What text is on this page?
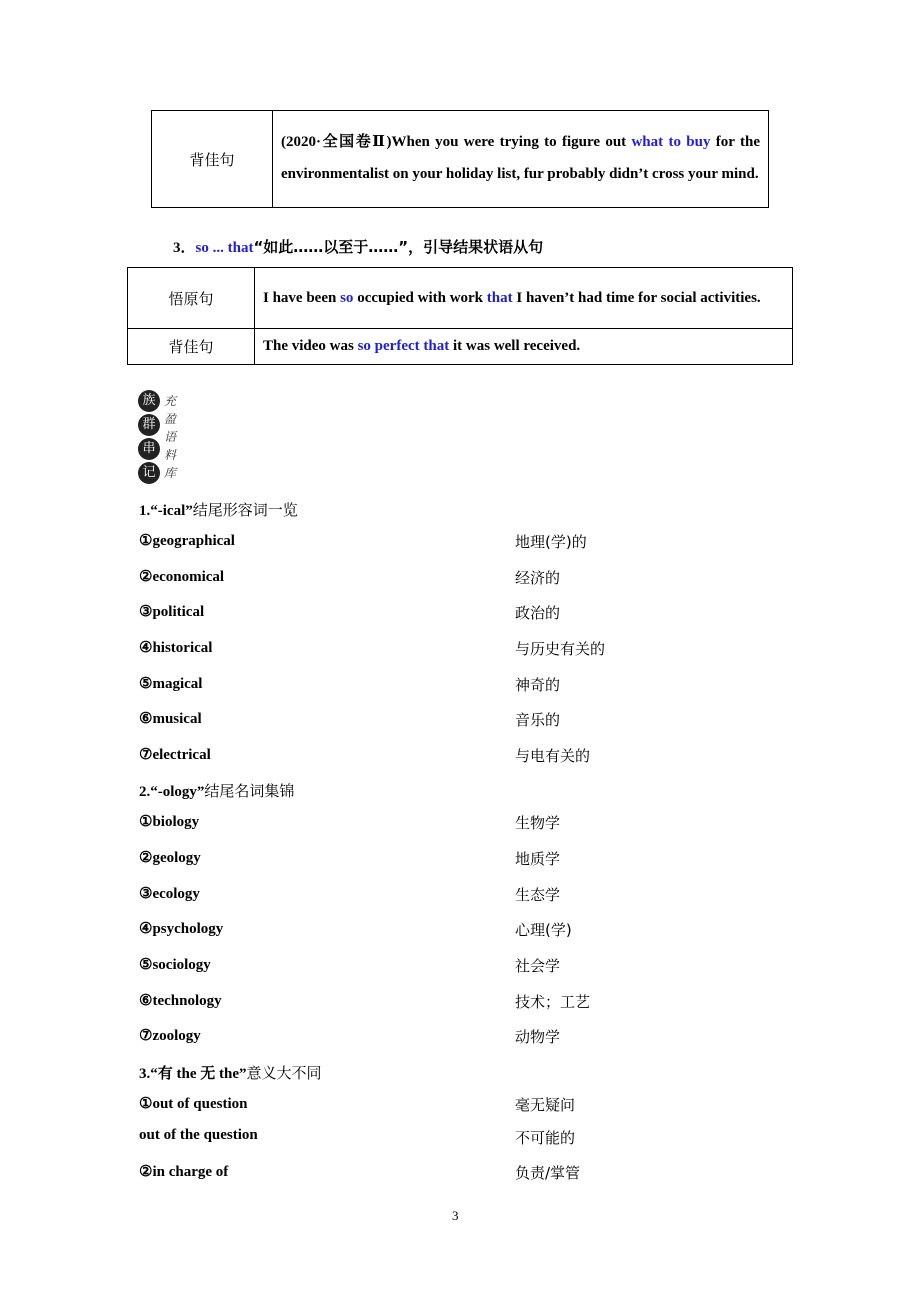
背佳句	(2020·全国卷Ⅱ)When you were trying to figure out what to buy for the environmentalist on your holiday list, fur probably didn’t cross your mind.
3．so ... that“如此……以至于……”，引导结果状语从句
悟原句	I have been so occupied with work that I haven’t had time for social activities.
背佳句	The video was so perfect that it was well received.
族
群
串
记
充
盈
语
料
库
1.“-ical”结尾形容词一览
①geographical	地理(学)的
②economical	经济的
③political	政治的
④historical	与历史有关的
⑤magical	神奇的
⑥musical	音乐的
⑦electrical	与电有关的
2.“-ology”结尾名词集锦
①biology	生物学
②geology	地质学
③ecology	生态学
④psychology	心理(学)
⑤sociology	社会学
⑥technology	技术；工艺
⑦zoology	动物学
3.“有 the 无 the”意义大不同
①out of question	毫无疑问
out of the question	不可能的
②in charge of	负责/掌管
3
